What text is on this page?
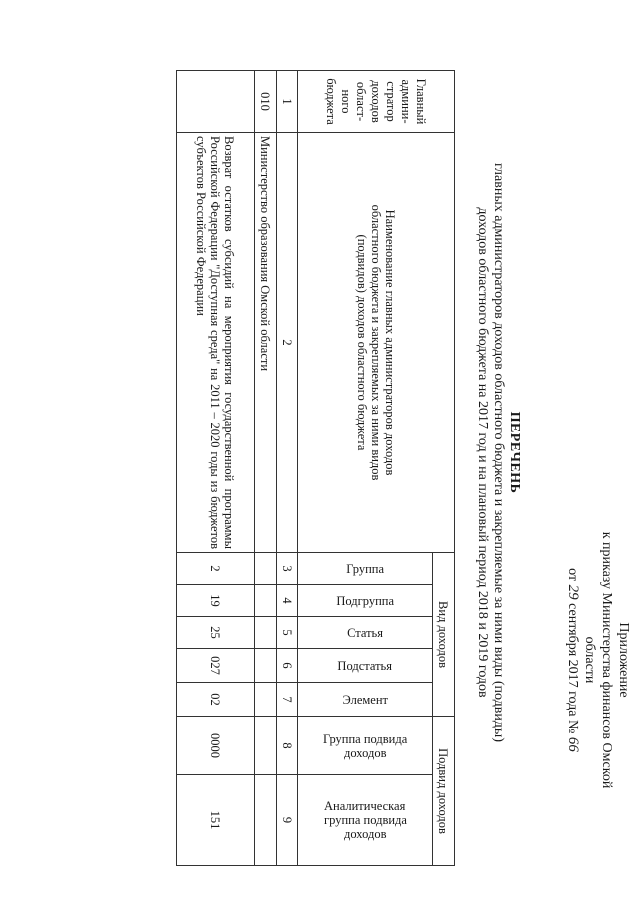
Приложение
к приказу Министерства финансов Омской области
от 29 сентября 2017 года № 66
ПЕРЕЧЕНЬ
главных администраторов доходов областного бюджета и закрепляемые за ними виды (подвиды)
доходов областного бюджета на 2017 год и на плановый период 2018 и 2019 годов
Главный админи-стратор доходов област-ного бюджета	Наименование главных администраторов доходов областного бюджета и закрепляемых за ними видов (подвидов) доходов областного бюджета	Вид доходов					Подвид доходов	

		Группа	Подгруппа	Статья	Подстатья	Элемент	Группа подвида доходов	Аналитическая группа подвида доходов

1	2	3	4	5	6	7	8	9
010	Министерство образования Омской области							
	Возврат остатков субсидий на мероприятия государственной программы Российской Федерации "Доступная среда" на 2011 – 2020 годы из бюджетов субъектов Российской Федерации	2	19	25	027	02	0000	151
